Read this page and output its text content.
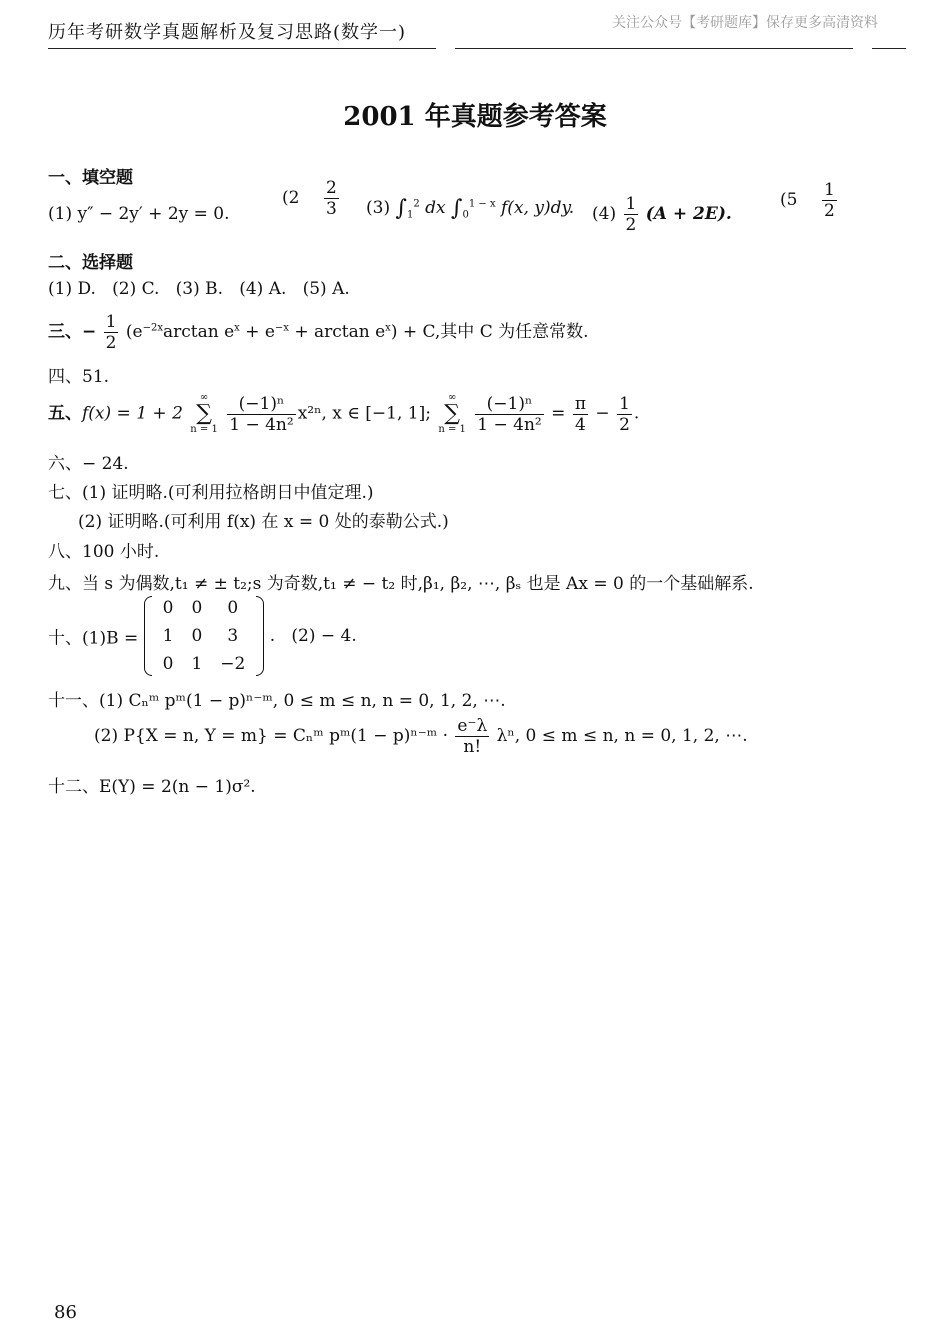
历年考研数学真题解析及复习思路(数学一)	关注公众号【考研题库】保存更多高清资料
2001 年真题参考答案
一、填空题
(1) y″ − 2y′ + 2y = 0.
($2 \frac{2}{3} (3)$ $\int_1^2$ dx $\int_0^{1 - x}$ f(x, y)dy. $(4) \frac{1}{2} (A + 2E)$.
($5 \frac{1}{2}$
二、选择题
(1) D.   (2) C.   (3) B.   (4) A.   (5) A.
三、− $\frac{1}{2} (e^{-2x}\arctan$ $e^x + e^{-x} + \arctan e^x) + C$,其中 C 为任意常数.
四、51.
五、f(x) = 1 + 2 ∞
∑
$n = 1 \frac{\text{(−1)ⁿ}}{\text{1 − 4n²}} x^{2n}$, x ∈ [−1, 1]; ∞
∑
$n = 1 \frac{\text{(−1)ⁿ}}{\text{1 − 4n²}} = \frac{\pi}{4} - \frac{1}{2}$ .
六、− 24.
七、(1) 证明略.(可利用拉格朗日中值定理.)
(2) 证明略.(可利用 f(x) 在 x = 0 处的泰勒公式.)
八、100 小时.
九、当 s 为偶数,t₁ ≠ ± t₂;s 为奇数,t₁ ≠ − t₂ 时,β₁, β₂, ⋯, βₛ 也是 Ax = 0 的一个基础解系.
十、(1)B =
0	0	0
1	0	3
0	1	−2
.   (2) − 4.
十一、(1) Cₙᵐ pᵐ(1 − p)ⁿ⁻ᵐ, 0 ≤ m ≤ n, n = 0, 1, 2, ⋯.
(2) P{X = n, Y = m} = Cₙᵐ pᵐ(1 − p)ⁿ⁻ᵐ · $\frac{e^-\lambda}{n!} \lambda^n$, 0 ≤ m ≤ n, n = 0, 1, 2, ⋯.
十二、E(Y) = 2(n − 1)σ².
86
